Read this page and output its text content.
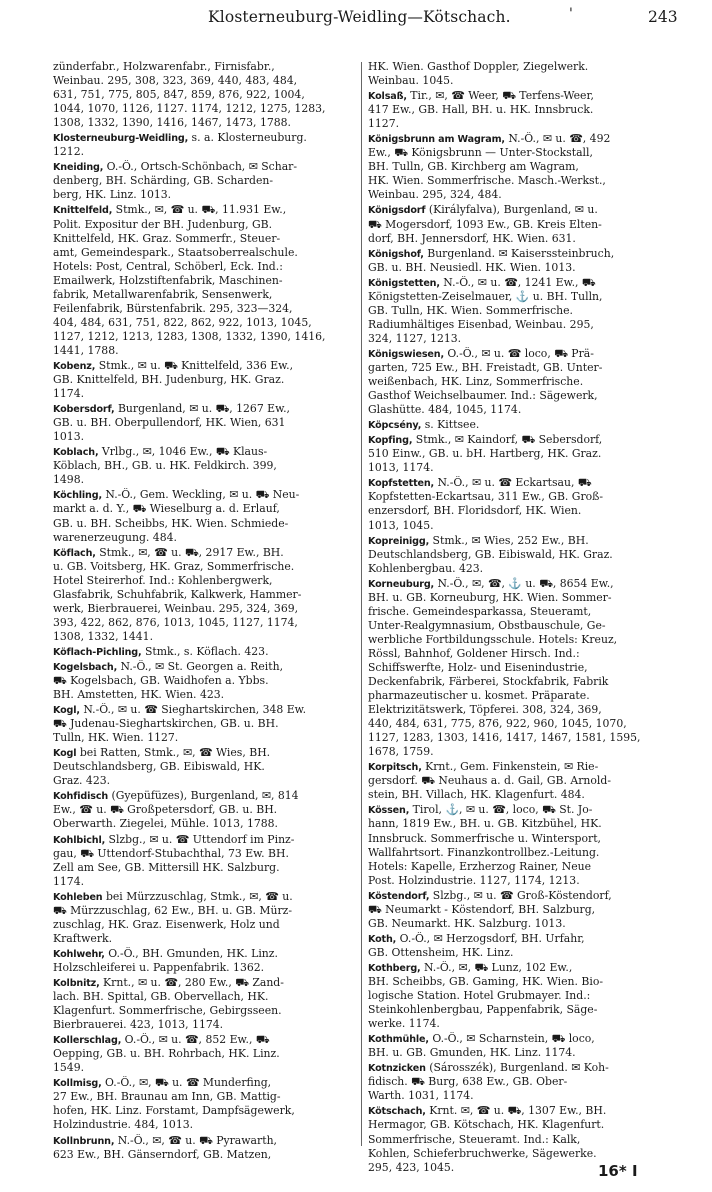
Klosterneuburg-Weidling—Kötschach.	'	243
zünderfabr., Holzwarenfabr., Firnisfabr.,
Weinbau. 295, 308, 323, 369, 440, 483, 484,
631, 751, 775, 805, 847, 859, 876, 922, 1004,
1044, 1070, 1126, 1127. 1174, 1212, 1275, 1283,
1308, 1332, 1390, 1416, 1467, 1473, 1788.
Klosterneuburg-Weidling, s. a. Klosterneuburg.
1212.
Kneiding, O.-Ö., Ortsch-Schönbach, ✉ Schar-
denberg, BH. Schärding, GB. Scharden-
berg, HK. Linz. 1013.
Knittelfeld, Stmk., ✉, ☎ u. ⛟, 11.931 Ew.,
Polit. Expositur der BH. Judenburg, GB.
Knittelfeld, HK. Graz. Sommerfr., Steuer-
amt, Gemeindespark., Staatsoberrealschule.
Hotels: Post, Central, Schöberl, Eck. Ind.:
Emailwerk, Holzstiftenfabrik, Maschinen-
fabrik, Metallwarenfabrik, Sensenwerk,
Feilenfabrik, Bürstenfabrik. 295, 323—324,
404, 484, 631, 751, 822, 862, 922, 1013, 1045,
1127, 1212, 1213, 1283, 1308, 1332, 1390, 1416,
1441, 1788.
Kobenz, Stmk., ✉ u. ⛟ Knittelfeld, 336 Ew.,
GB. Knittelfeld, BH. Judenburg, HK. Graz.
1174.
Kobersdorf, Burgenland, ✉ u. ⛟, 1267 Ew.,
GB. u. BH. Oberpullendorf, HK. Wien, 631
1013.
Koblach, Vrlbg., ✉, 1046 Ew., ⛟ Klaus-
Köblach, BH., GB. u. HK. Feldkirch. 399,
1498.
Köchling, N.-Ö., Gem. Weckling, ✉ u. ⛟ Neu-
markt a. d. Y., ⛟ Wieselburg a. d. Erlauf,
GB. u. BH. Scheibbs, HK. Wien. Schmiede-
warenerzeugung. 484.
Köflach, Stmk., ✉, ☎ u. ⛟, 2917 Ew., BH.
u. GB. Voitsberg, HK. Graz, Sommerfrische.
Hotel Steirerhof. Ind.: Kohlenbergwerk,
Glasfabrik, Schuhfabrik, Kalkwerk, Hammer-
werk, Bierbrauerei, Weinbau. 295, 324, 369,
393, 422, 862, 876, 1013, 1045, 1127, 1174,
1308, 1332, 1441.
Köflach-Pichling, Stmk., s. Köflach. 423.
Kogelsbach, N.-Ö., ✉ St. Georgen a. Reith,
⛟ Kogelsbach, GB. Waidhofen a. Ybbs.
BH. Amstetten, HK. Wien. 423.
Kogl, N.-Ö., ✉ u. ☎ Sieghartskirchen, 348 Ew.
⛟ Judenau-Sieghartskirchen, GB. u. BH.
Tulln, HK. Wien. 1127.
Kogl bei Ratten, Stmk., ✉, ☎ Wies, BH.
Deutschlandsberg, GB. Eibiswald, HK.
Graz. 423.
Kohfidisch (Gyepüfüzes), Burgenland, ✉, 814
Ew., ☎ u. ⛟ Großpetersdorf, GB. u. BH.
Oberwarth. Ziegelei, Mühle. 1013, 1788.
Kohlbichl, Slzbg., ✉ u. ☎ Uttendorf im Pinz-
gau, ⛟ Uttendorf-Stubachthal, 73 Ew. BH.
Zell am See, GB. Mittersill HK. Salzburg.
1174.
Kohleben bei Mürzzuschlag, Stmk., ✉, ☎ u.
⛟ Mürzzuschlag, 62 Ew., BH. u. GB. Mürz-
zuschlag, HK. Graz. Eisenwerk, Holz und
Kraftwerk.
Kohlwehr, O.-Ö., BH. Gmunden, HK. Linz.
Holzschleiferei u. Pappenfabrik. 1362.
Kolbnitz, Krnt., ✉ u. ☎, 280 Ew., ⛟ Zand-
lach. BH. Spittal, GB. Obervellach, HK.
Klagenfurt. Sommerfrische, Gebirgsseen.
Bierbrauerei. 423, 1013, 1174.
Kollerschlag, O.-Ö., ✉ u. ☎, 852 Ew., ⛟
Oepping, GB. u. BH. Rohrbach, HK. Linz.
1549.
Kollmisg, O.-Ö., ✉, ⛟ u. ☎ Munderfing,
27 Ew., BH. Braunau am Inn, GB. Mattig-
hofen, HK. Linz. Forstamt, Dampfsägewerk,
Holzindustrie. 484, 1013.
Kollnbrunn, N.-Ö., ✉, ☎ u. ⛟ Pyrawarth,
623 Ew., BH. Gänserndorf, GB. Matzen,
HK. Wien. Gasthof Doppler, Ziegelwerk.
Weinbau. 1045.
Kolsaß, Tir., ✉, ☎ Weer, ⛟ Terfens-Weer,
417 Ew., GB. Hall, BH. u. HK. Innsbruck.
1127.
Königsbrunn am Wagram, N.-Ö., ✉ u. ☎, 492
Ew., ⛟ Königsbrunn — Unter-Stockstall,
BH. Tulln, GB. Kirchberg am Wagram,
HK. Wien. Sommerfrische. Masch.-Werkst.,
Weinbau. 295, 324, 484.
Königsdorf (Királyfalva), Burgenland, ✉ u.
⛟ Mogersdorf, 1093 Ew., GB. Kreis Elten-
dorf, BH. Jennersdorf, HK. Wien. 631.
Königshof, Burgenland. ✉ Kaiserssteinbruch,
GB. u. BH. Neusiedl. HK. Wien. 1013.
Königstetten, N.-Ö., ✉ u. ☎, 1241 Ew., ⛟
Königstetten-Zeiselmauer, ⚓ u. BH. Tulln,
GB. Tulln, HK. Wien. Sommerfrische.
Radiumhältiges Eisenbad, Weinbau. 295,
324, 1127, 1213.
Königswiesen, O.-Ö., ✉ u. ☎ loco, ⛟ Prä-
garten, 725 Ew., BH. Freistadt, GB. Unter-
weißenbach, HK. Linz, Sommerfrische.
Gasthof Weichselbaumer. Ind.: Sägewerk,
Glashütte. 484, 1045, 1174.
Köpcsény, s. Kittsee.
Kopfing, Stmk., ✉ Kaindorf, ⛟ Sebersdorf,
510 Einw., GB. u. bH. Hartberg, HK. Graz.
1013, 1174.
Kopfstetten, N.-Ö., ✉ u. ☎ Eckartsau, ⛟
Kopfstetten-Eckartsau, 311 Ew., GB. Groß-
enzersdorf, BH. Floridsdorf, HK. Wien.
1013, 1045.
Kopreinigg, Stmk., ✉ Wies, 252 Ew., BH.
Deutschlandsberg, GB. Eibiswald, HK. Graz.
Kohlenbergbau. 423.
Korneuburg, N.-Ö., ✉, ☎, ⚓ u. ⛟, 8654 Ew.,
BH. u. GB. Korneuburg, HK. Wien. Sommer-
frische. Gemeindesparkassa, Steueramt,
Unter-Realgymnasium, Obstbauschule, Ge-
werbliche Fortbildungsschule. Hotels: Kreuz,
Rössl, Bahnhof, Goldener Hirsch. Ind.:
Schiffswerfte, Holz- und Eisenindustrie,
Deckenfabrik, Färberei, Stockfabrik, Fabrik
pharmazeutischer u. kosmet. Präparate.
Elektrizitätswerk, Töpferei. 308, 324, 369,
440, 484, 631, 775, 876, 922, 960, 1045, 1070,
1127, 1283, 1303, 1416, 1417, 1467, 1581, 1595,
1678, 1759.
Korpitsch, Krnt., Gem. Finkenstein, ✉ Rie-
gersdorf. ⛟ Neuhaus a. d. Gail, GB. Arnold-
stein, BH. Villach, HK. Klagenfurt. 484.
Kössen, Tirol, ⚓, ✉ u. ☎, loco, ⛟ St. Jo-
hann, 1819 Ew., BH. u. GB. Kitzbühel, HK.
Innsbruck. Sommerfrische u. Wintersport,
Wallfahrtsort. Finanzkontrollbez.-Leitung.
Hotels: Kapelle, Erzherzog Rainer, Neue
Post. Holzindustrie. 1127, 1174, 1213.
Köstendorf, Slzbg., ✉ u. ☎ Groß-Köstendorf,
⛟ Neumarkt - Köstendorf, BH. Salzburg,
GB. Neumarkt. HK. Salzburg. 1013.
Koth, O.-Ö., ✉ Herzogsdorf, BH. Urfahr,
GB. Ottensheim, HK. Linz.
Kothberg, N.-Ö., ✉, ⛟ Lunz, 102 Ew.,
BH. Scheibbs, GB. Gaming, HK. Wien. Bio-
logische Station. Hotel Grubmayer. Ind.:
Steinkohlenbergbau, Pappenfabrik, Säge-
werke. 1174.
Kothmühle, O.-Ö., ✉ Scharnstein, ⛟ loco,
BH. u. GB. Gmunden, HK. Linz. 1174.
Kotnzicken (Sárosszék), Burgenland. ✉ Koh-
fidisch. ⛟ Burg, 638 Ew., GB. Ober-
Warth. 1031, 1174.
Kötschach, Krnt. ✉, ☎ u. ⛟, 1307 Ew., BH.
Hermagor, GB. Kötschach, HK. Klagenfurt.
Sommerfrische, Steueramt. Ind.: Kalk,
Kohlen, Schieferbruchwerke, Sägewerke.
295, 423, 1045.	16* I
